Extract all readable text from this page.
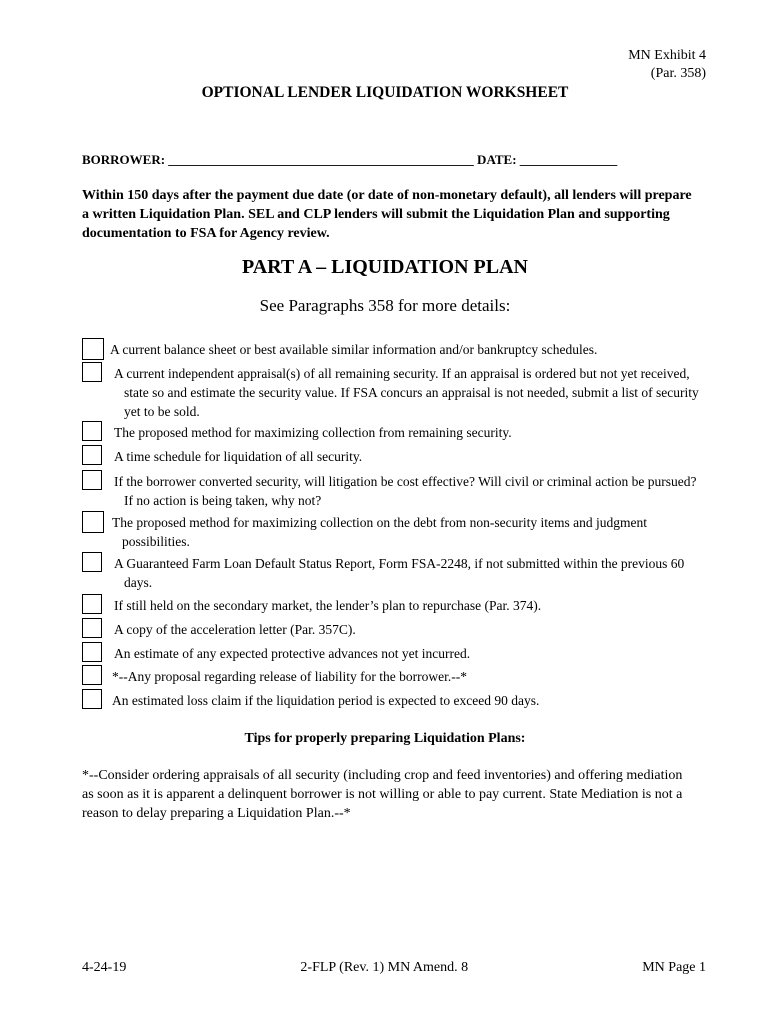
MN Exhibit 4
(Par. 358)
OPTIONAL LENDER LIQUIDATION WORKSHEET
BORROWER: _______________________________________________ DATE: _______________
Within 150 days after the payment due date (or date of non-monetary default), all lenders will prepare a written Liquidation Plan. SEL and CLP lenders will submit the Liquidation Plan and supporting documentation to FSA for Agency review.
PART A – LIQUIDATION PLAN
See Paragraphs 358 for more details:
A current balance sheet or best available similar information and/or bankruptcy schedules.
A current independent appraisal(s) of all remaining security. If an appraisal is ordered but not yet received, state so and estimate the security value. If FSA concurs an appraisal is not needed, submit a list of security yet to be sold.
The proposed method for maximizing collection from remaining security.
A time schedule for liquidation of all security.
If the borrower converted security, will litigation be cost effective? Will civil or criminal action be pursued? If no action is being taken, why not?
The proposed method for maximizing collection on the debt from non-security items and judgment possibilities.
A Guaranteed Farm Loan Default Status Report, Form FSA-2248, if not submitted within the previous 60 days.
If still held on the secondary market, the lender’s plan to repurchase (Par. 374).
A copy of the acceleration letter (Par. 357C).
An estimate of any expected protective advances not yet incurred.
*--Any proposal regarding release of liability for the borrower.--*
An estimated loss claim if the liquidation period is expected to exceed 90 days.
Tips for properly preparing Liquidation Plans:
*--Consider ordering appraisals of all security (including crop and feed inventories) and offering mediation as soon as it is apparent a delinquent borrower is not willing or able to pay current. State Mediation is not a reason to delay preparing a Liquidation Plan.--*
4-24-19	2-FLP (Rev. 1) MN Amend. 8	MN Page 1
